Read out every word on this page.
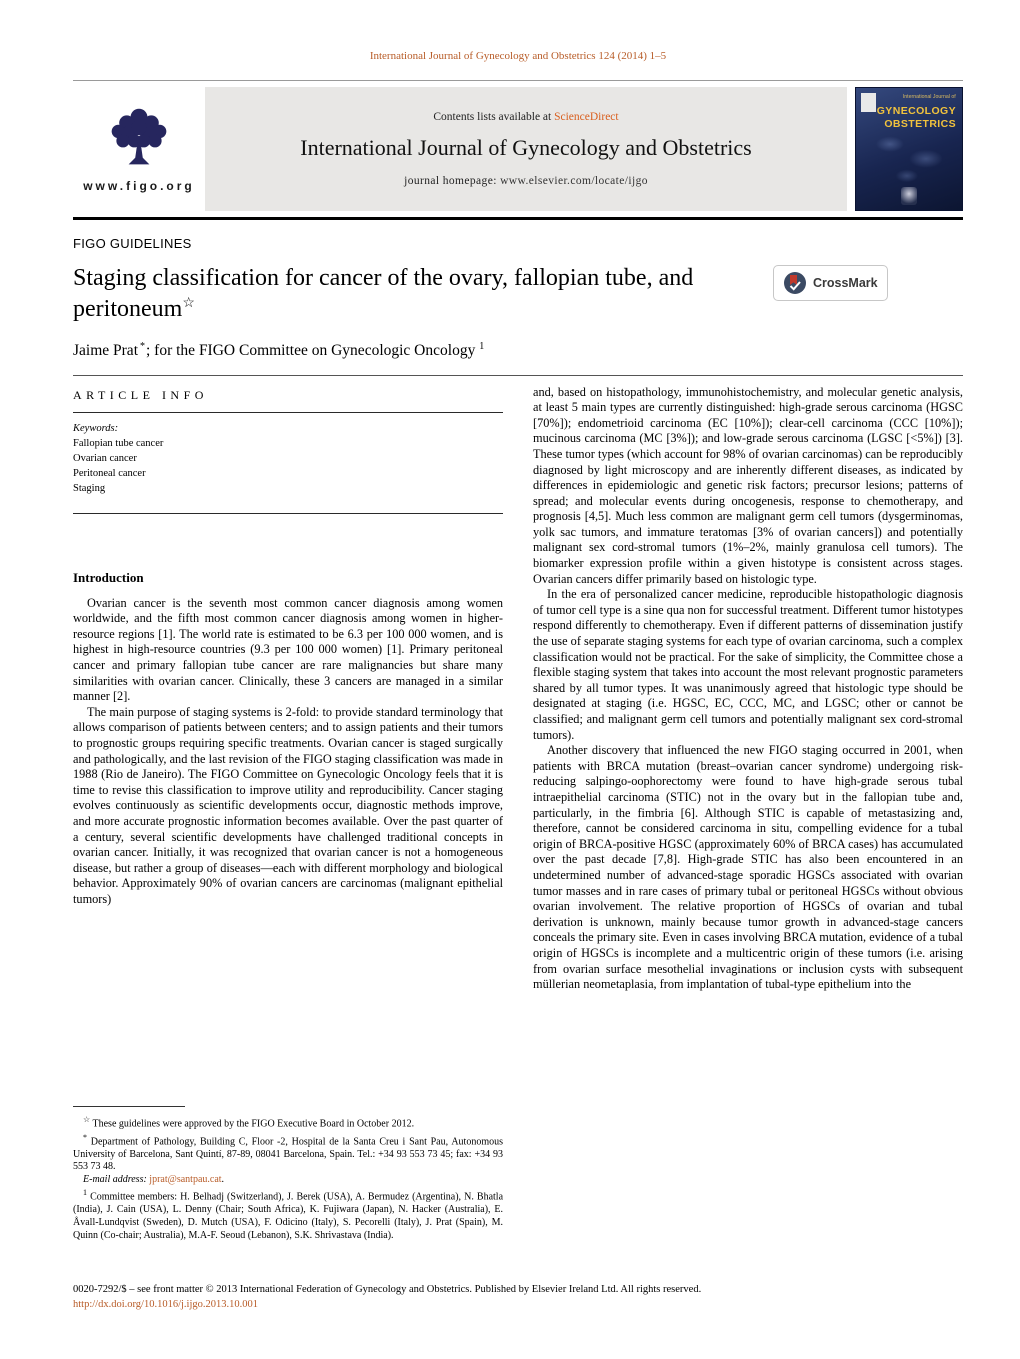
International Journal of Gynecology and Obstetrics 124 (2014) 1–5
www.figo.org
Contents lists available at ScienceDirect
International Journal of Gynecology and Obstetrics
journal homepage: www.elsevier.com/locate/ijgo
International Journal of
GYNECOLOGY
OBSTETRICS
FIGO GUIDELINES
Staging classification for cancer of the ovary, fallopian tube, and peritoneum☆
CrossMark
Jaime Prat *; for the FIGO Committee on Gynecologic Oncology $^1$
ARTICLE INFO
Keywords:
Fallopian tube cancer
Ovarian cancer
Peritoneal cancer
Staging
Introduction

Ovarian cancer is the seventh most common cancer diagnosis among women worldwide, and the fifth most common cancer diagnosis among women in higher-resource regions [1]. The world rate is estimated to be 6.3 per 100 000 women, and is highest in high-resource countries (9.3 per 100 000 women) [1]. Primary peritoneal cancer and primary fallopian tube cancer are rare malignancies but share many similarities with ovarian cancer. Clinically, these 3 cancers are managed in a similar manner [2].

The main purpose of staging systems is 2-fold: to provide standard terminology that allows comparison of patients between centers; and to assign patients and their tumors to prognostic groups requiring specific treatments. Ovarian cancer is staged surgically and pathologically, and the last revision of the FIGO staging classification was made in 1988 (Rio de Janeiro). The FIGO Committee on Gynecologic Oncology feels that it is time to revise this classification to improve utility and reproducibility. Cancer staging evolves continuously as scientific developments occur, diagnostic methods improve, and more accurate prognostic information becomes available. Over the past quarter of a century, several scientific developments have challenged traditional concepts in ovarian cancer. Initially, it was recognized that ovarian cancer is not a homogeneous disease, but rather a group of diseases—each with different morphology and biological behavior. Approximately 90% of ovarian cancers are carcinomas (malignant epithelial tumors)

☆ These guidelines were approved by the FIGO Executive Board in October 2012.

* Department of Pathology, Building C, Floor -2, Hospital de la Santa Creu i Sant Pau, Autonomous University of Barcelona, Sant Quintí, 87-89, 08041 Barcelona, Spain. Tel.: +34 93 553 73 45; fax: +34 93 553 73 48.

E-mail address: jprat@santpau.cat.

$^1$ Committee members: H. Belhadj (Switzerland), J. Berek (USA), A. Bermudez (Argentina), N. Bhatla (India), J. Cain (USA), L. Denny (Chair; South Africa), K. Fujiwara (Japan), N. Hacker (Australia), E. Åvall-Lundqvist (Sweden), D. Mutch (USA), F. Odicino (Italy), S. Pecorelli (Italy), J. Prat (Spain), M. Quinn (Co-chair; Australia), M.A-F. Seoud (Lebanon), S.K. Shrivastava (India).

and, based on histopathology, immunohistochemistry, and molecular genetic analysis, at least 5 main types are currently distinguished: high-grade serous carcinoma (HGSC [70%]); endometrioid carcinoma (EC [10%]); clear-cell carcinoma (CCC [10%]); mucinous carcinoma (MC [3%]); and low-grade serous carcinoma (LGSC [<5%]) [3]. These tumor types (which account for 98% of ovarian carcinomas) can be reproducibly diagnosed by light microscopy and are inherently different diseases, as indicated by differences in epidemiologic and genetic risk factors; precursor lesions; patterns of spread; and molecular events during oncogenesis, response to chemotherapy, and prognosis [4,5]. Much less common are malignant germ cell tumors (dysgerminomas, yolk sac tumors, and immature teratomas [3% of ovarian cancers]) and potentially malignant sex cord-stromal tumors (1%–2%, mainly granulosa cell tumors). The biomarker expression profile within a given histotype is consistent across stages. Ovarian cancers differ primarily based on histologic type.

In the era of personalized cancer medicine, reproducible histopathologic diagnosis of tumor cell type is a sine qua non for successful treatment. Different tumor histotypes respond differently to chemotherapy. Even if different patterns of dissemination justify the use of separate staging systems for each type of ovarian carcinoma, such a complex classification would not be practical. For the sake of simplicity, the Committee chose a flexible staging system that takes into account the most relevant prognostic parameters shared by all tumor types. It was unanimously agreed that histologic type should be designated at staging (i.e. HGSC, EC, CCC, MC, and LGSC; other or cannot be classified; and malignant germ cell tumors and potentially malignant sex cord-stromal tumors).

Another discovery that influenced the new FIGO staging occurred in 2001, when patients with BRCA mutation (breast–ovarian cancer syndrome) undergoing risk-reducing salpingo-oophorectomy were found to have high-grade serous tubal intraepithelial carcinoma (STIC) not in the ovary but in the fallopian tube and, particularly, in the fimbria [6]. Although STIC is capable of metastasizing and, therefore, cannot be considered carcinoma in situ, compelling evidence for a tubal origin of BRCA-positive HGSC (approximately 60% of BRCA cases) has accumulated over the past decade [7,8]. High-grade STIC has also been encountered in an undetermined number of advanced-stage sporadic HGSCs associated with ovarian tumor masses and in rare cases of primary tubal or peritoneal HGSCs without obvious ovarian involvement. The relative proportion of HGSCs of ovarian and tubal derivation is unknown, mainly because tumor growth in advanced-stage cancers conceals the primary site. Even in cases involving BRCA mutation, evidence of a tubal origin of HGSCs is incomplete and a multicentric origin of these tumors (i.e. arising from ovarian surface mesothelial invaginations or inclusion cysts with subsequent müllerian neometaplasia, from implantation of tubal-type epithelium into the

0020-7292/$ – see front matter © 2013 International Federation of Gynecology and Obstetrics. Published by Elsevier Ireland Ltd. All rights reserved.
http://dx.doi.org/10.1016/j.ijgo.2013.10.001
